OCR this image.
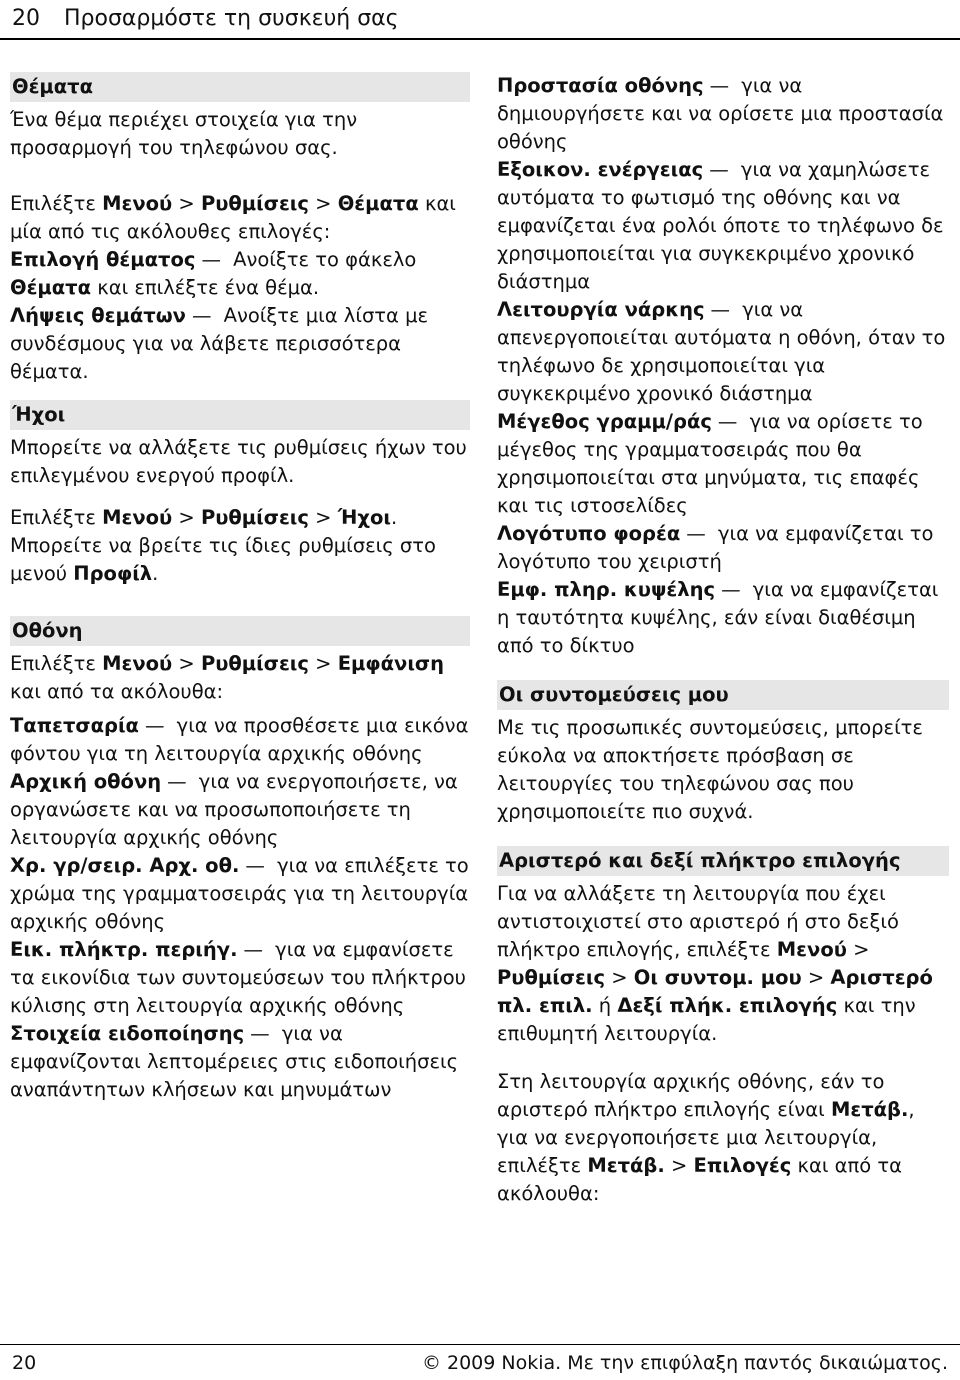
20	Προσαρμόστε τη συσκευή σας
Θέματα

Ένα θέμα περιέχει στοιχεία για την προσαρμογή του τηλεφώνου σας.

Επιλέξτε Μενού > Ρυθμίσεις > Θέματα και μία από τις ακόλουθες επιλογές:

Επιλογή θέματος — Ανοίξτε το φάκελο Θέματα και επιλέξτε ένα θέμα.

Λήψεις θεμάτων — Ανοίξτε μια λίστα με συνδέσμους για να λάβετε περισσότερα θέματα.

Ήχοι

Μπορείτε να αλλάξετε τις ρυθμίσεις ήχων του επιλεγμένου ενεργού προφίλ.

Επιλέξτε Μενού > Ρυθμίσεις > Ήχοι. Μπορείτε να βρείτε τις ίδιες ρυθμίσεις στο μενού Προφίλ.

Οθόνη

Επιλέξτε Μενού > Ρυθμίσεις > Εμφάνιση και από τα ακόλουθα:

Ταπετσαρία — για να προσθέσετε μια εικόνα φόντου για τη λειτουργία αρχικής οθόνης

Αρχική οθόνη — για να ενεργοποιήσετε, να οργανώσετε και να προσωποποιήσετε τη λειτουργία αρχικής οθόνης

Χρ. γρ/σειρ. Αρχ. οθ. — για να επιλέξετε το χρώμα της γραμματοσειράς για τη λειτουργία αρχικής οθόνης

Εικ. πλήκτρ. περιήγ. — για να εμφανίσετε τα εικονίδια των συντομεύσεων του πλήκτρου κύλισης στη λειτουργία αρχικής οθόνης

Στοιχεία ειδοποίησης — για να εμφανίζονται λεπτομέρειες στις ειδοποιήσεις αναπάντητων κλήσεων και μηνυμάτων

Προστασία οθόνης — για να δημιουργήσετε και να ορίσετε μια προστασία οθόνης

Εξοικον. ενέργειας — για να χαμηλώσετε αυτόματα το φωτισμό της οθόνης και να εμφανίζεται ένα ρολόι όποτε το τηλέφωνο δε χρησιμοποιείται για συγκεκριμένο χρονικό διάστημα

Λειτουργία νάρκης — για να απενεργοποιείται αυτόματα η οθόνη, όταν το τηλέφωνο δε χρησιμοποιείται για συγκεκριμένο χρονικό διάστημα

Μέγεθος γραμμ/ράς — για να ορίσετε το μέγεθος της γραμματοσειράς που θα χρησιμοποιείται στα μηνύματα, τις επαφές και τις ιστοσελίδες

Λογότυπο φορέα — για να εμφανίζεται το λογότυπο του χειριστή

Εμφ. πληρ. κυψέλης — για να εμφανίζεται η ταυτότητα κυψέλης, εάν είναι διαθέσιμη από το δίκτυο

Οι συντομεύσεις μου

Με τις προσωπικές συντομεύσεις, μπορείτε εύκολα να αποκτήσετε πρόσβαση σε λειτουργίες του τηλεφώνου σας που χρησιμοποιείτε πιο συχνά.

Αριστερό και δεξί πλήκτρο επιλογής

Για να αλλάξετε τη λειτουργία που έχει αντιστοιχιστεί στο αριστερό ή στο δεξιό πλήκτρο επιλογής, επιλέξτε Μενού > Ρυθμίσεις > Οι συντομ. μου > Αριστερό πλ. επιλ. ή Δεξί πλήκ. επιλογής και την επιθυμητή λειτουργία.

Στη λειτουργία αρχικής οθόνης, εάν το αριστερό πλήκτρο επιλογής είναι Μετάβ., για να ενεργοποιήσετε μια λειτουργία, επιλέξτε Μετάβ. > Επιλογές και από τα ακόλουθα:

20	© 2009 Nokia. Με την επιφύλαξη παντός δικαιώματος.
